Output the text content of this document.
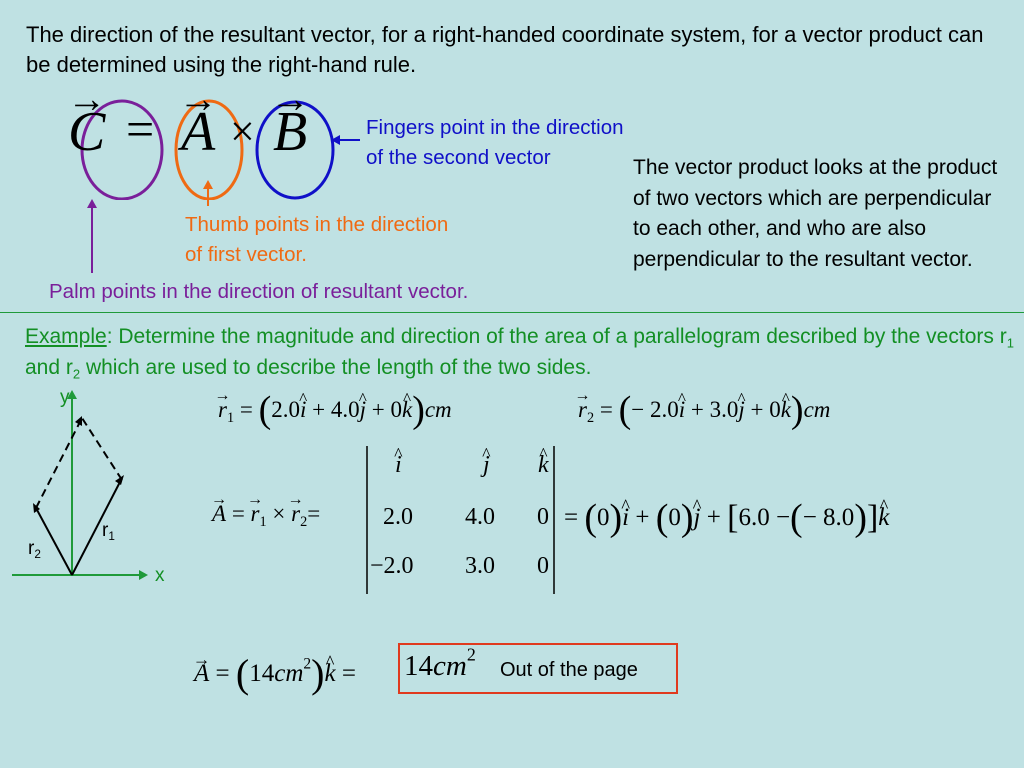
The direction of the resultant vector, for a right-handed coordinate system, for a vector product can be determined using the right-hand rule.
→ C = → A × → B	Fingers point in the direction of the second vector
Thumb points in the direction of first vector.
Palm points in the direction of resultant vector.
The vector product looks at the product of two vectors which are perpendicular to each other, and who are also perpendicular to the resultant vector.
Example: Determine the magnitude and direction of the area of a parallelogram described by the vectors $r_1$ and $r_2$ which are used to describe the length of the two sides.
y
x
$r_1$
$r_2$
→ $r_1$ = (2.0^ i + 4.0^ j + 0^ k)cm	→ $r_2$ = (− 2.0^ i + 3.0^ j + 0^ k)cm
→ A = → $r_1$ × → $r_2=$
^ i	^ j ^ k
2.0 4.0 0
−2.0 3.0 0
= (0)^ i + (0)^ j + [6.0 −(− 8.0)]^ k
→ $A = (14cm^2)\^{}$ $k = 14cm^2$
Out of the page
